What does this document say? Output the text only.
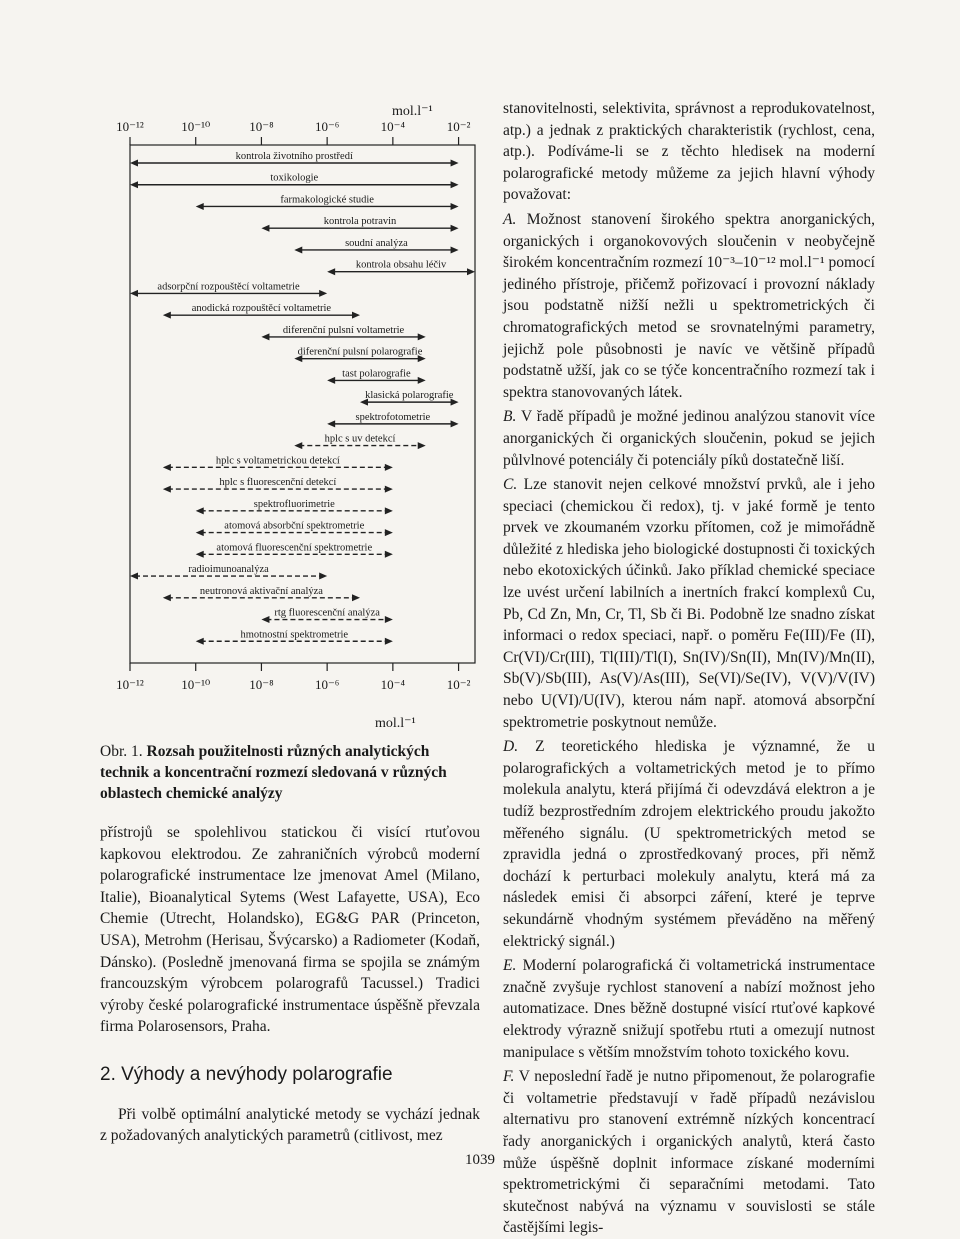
mol.l⁻¹
mol.l⁻¹
10⁻¹²
10⁻¹²
10⁻¹⁰
10⁻¹⁰
10⁻⁸
10⁻⁸
10⁻⁶
10⁻⁶
10⁻⁴
10⁻⁴
10⁻²
10⁻²
kontrola životního prostředí
toxikologie
farmakologické studie
kontrola potravin
soudní analýza
kontrola obsahu léčiv
adsorpční rozpouštěcí voltametrie
anodická rozpouštěcí voltametrie
diferenční pulsní voltametrie
diferenční pulsní polarografie
tast polarografie
klasická polarografie
spektrofotometrie
hplc s uv detekcí
hplc s voltametrickou detekcí
hplc s fluorescenční detekcí
spektrofluorimetrie
atomová absorbční spektrometrie
atomová fluorescenční spektrometrie
radioimunoanalýza
neutronová aktivační analýza
rtg fluorescenční analýza
hmotnostní spektrometrie
Obr. 1. Rozsah použitelnosti různých analytických technik a koncentrační rozmezí sledovaná v různých oblastech chemické analýzy

přístrojů se spolehlivou statickou či visící rtuťovou kapkovou elektrodou. Ze zahraničních výrobců moderní polarografické instrumentace lze jmenovat Amel (Milano, Italie), Bioanalytical Sytems (West Lafayette, USA), Eco Chemie (Utrecht, Holandsko), EG&G PAR (Princeton, USA), Metrohm (Herisau, Švýcarsko) a Radiometer (Kodaň, Dánsko). (Posledně jmenovaná firma se spojila se známým francouzským výrobcem polarografů Tacussel.) Tradici výroby české polarografické instrumentace úspěšně převzala firma Polarosensors, Praha.

2. Výhody a nevýhody polarografie

Při volbě optimální analytické metody se vychází jednak z požadovaných analytických parametrů (citlivost, mez

stanovitelnosti, selektivita, správnost a reprodukovatelnost, atp.) a jednak z praktických charakteristik (rychlost, cena, atp.). Podíváme-li se z těchto hledisek na moderní polarografické metody můžeme za jejich hlavní výhody považovat:

A. Možnost stanovení širokého spektra anorganických, organických i organokovových sloučenin v neobyčejně širokém koncentračním rozmezí 10⁻³–10⁻¹² mol.l⁻¹ pomocí jediného přístroje, přičemž pořizovací i provozní náklady jsou podstatně nižší nežli u spektrometrických či chromatografických metod se srovnatelnými parametry, jejichž pole působnosti je navíc ve většině případů podstatně užší, jak co se týče koncentračního rozmezí tak i spektra stanovovaných látek.

B. V řadě případů je možné jedinou analýzou stanovit více anorganických či organických sloučenin, pokud se jejich půlvlnové potenciály či potenciály píků dostatečně liší.

C. Lze stanovit nejen celkové množství prvků, ale i jeho speciaci (chemickou či redox), tj. v jaké formě je tento prvek ve zkoumaném vzorku přítomen, což je mimořádně důležité z hlediska jeho biologické dostupnosti či toxických nebo ekotoxických účinků. Jako příklad chemické speciace lze uvést určení labilních a inertních frakcí komplexů Cu, Pb, Cd Zn, Mn, Cr, Tl, Sb či Bi. Podobně lze snadno získat informaci o redox speciaci, např. o poměru Fe(III)/Fe (II), Cr(VI)/Cr(III), Tl(III)/Tl(I), Sn(IV)/Sn(II), Mn(IV)/Mn(II), Sb(V)/Sb(III), As(V)/As(III), Se(VI)/Se(IV), V(V)/V(IV) nebo U(VI)/U(IV), kterou nám např. atomová absorpční spektrometrie poskytnout nemůže.

D. Z teoretického hlediska je významné, že u polarografických a voltametrických metod je to přímo molekula analytu, která přijímá či odevzdává elektron a je tudíž bezprostředním zdrojem elektrického proudu jakožto měřeného signálu. (U spektrometrických metod se zpravidla jedná o zprostředkovaný proces, při němž dochází k perturbaci molekuly analytu, která má za následek emisi či absorpci záření, které je teprve sekundárně vhodným systémem převáděno na měřený elektrický signál.)

E. Moderní polarografická či voltametrická instrumentace značně zvyšuje rychlost stanovení a nabízí možnost jeho automatizace. Dnes běžně dostupné visící rtuťové kapkové elektrody výrazně snižují spotřebu rtuti a omezují nutnost manipulace s větším množstvím tohoto toxického kovu.

F. V neposlední řadě je nutno připomenout, že polarografie či voltametrie představují v řadě případů nezávislou alternativu pro stanovení extrémně nízkých koncentrací řady anorganických i organických analytů, která často může úspěšně doplnit informace získané moderními spektrometrickými či separačními metodami. Tato skutečnost nabývá na významu v souvislosti se stále častějšími legis-

1039
